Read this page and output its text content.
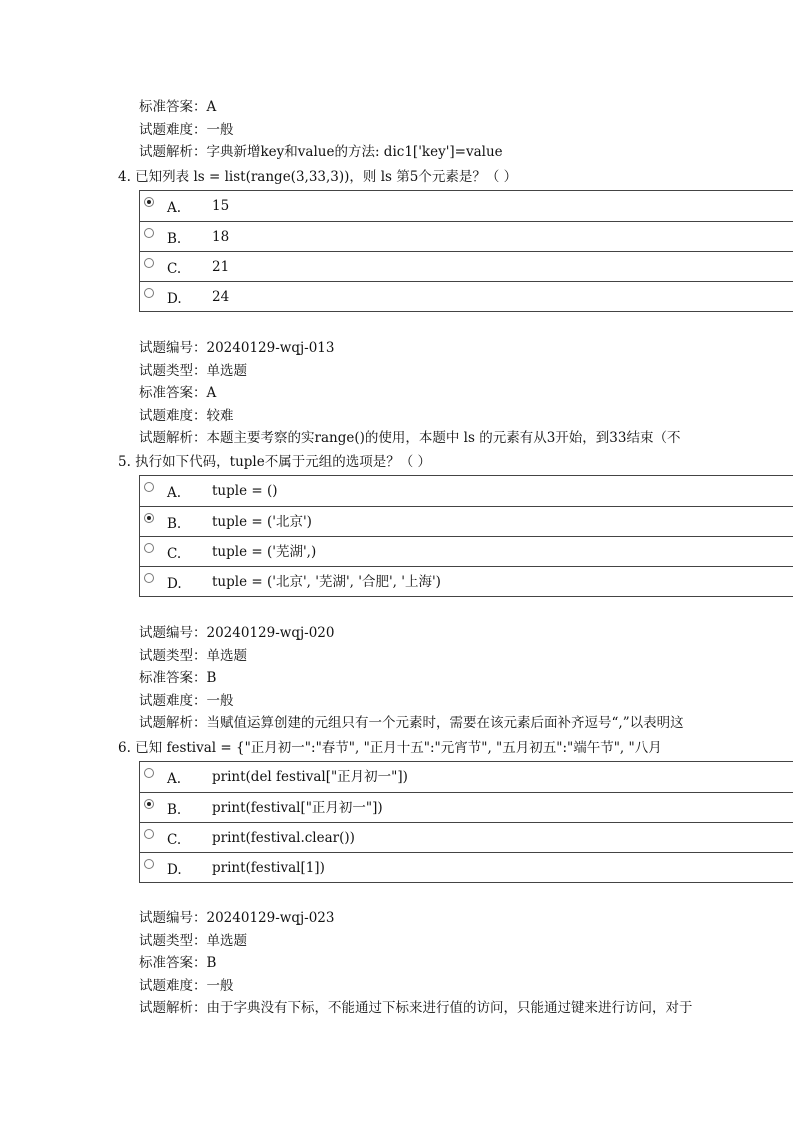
标准答案：A
试题难度：一般
试题解析：字典新增key和value的方法: dic1['key']=value
4. 已知列表 ls = list(range(3,33,3))，则 ls 第5个元素是？（ ）
A. 15
B. 18
C. 21
D. 24
试题编号：20240129-wqj-013
试题类型：单选题
标准答案：A
试题难度：较难
试题解析：本题主要考察的实range()的使用，本题中 ls 的元素有从3开始，到33结束（不
5. 执行如下代码，tuple不属于元组的选项是？（ ）
A. tuple = ()
B. tuple = ('北京')
C. tuple = ('芜湖',)
D. tuple = ('北京', '芜湖', '合肥', '上海')
试题编号：20240129-wqj-020
试题类型：单选题
标准答案：B
试题难度：一般
试题解析：当赋值运算创建的元组只有一个元素时，需要在该元素后面补齐逗号“,”以表明这
6. 已知 festival = {"正月初一":"春节", "正月十五":"元宵节", "五月初五":"端午节", "八月
A. print(del festival["正月初一"])
B. print(festival["正月初一"])
C. print(festival.clear())
D. print(festival[1])
试题编号：20240129-wqj-023
试题类型：单选题
标准答案：B
试题难度：一般
试题解析：由于字典没有下标，不能通过下标来进行值的访问，只能通过键来进行访问，对于
